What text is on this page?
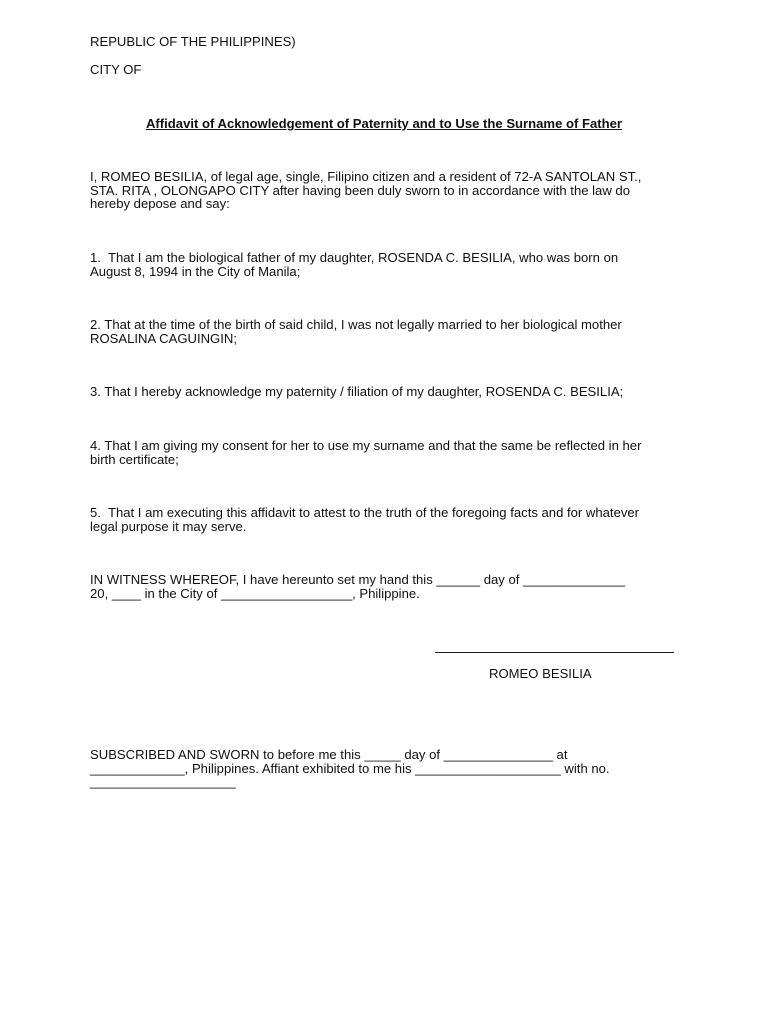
REPUBLIC OF THE PHILIPPINES)
CITY OF
Affidavit of Acknowledgement of Paternity and to Use the Surname of Father
I, ROMEO BESILIA, of legal age, single, Filipino citizen and a resident of 72-A SANTOLAN ST.,
STA. RITA , OLONGAPO CITY after having been duly sworn to in accordance with the law do
hereby depose and say:
1.  That I am the biological father of my daughter, ROSENDA C. BESILIA, who was born on
August 8, 1994 in the City of Manila;
2. That at the time of the birth of said child, I was not legally married to her biological mother
ROSALINA CAGUINGIN;
3. That I hereby acknowledge my paternity / filiation of my daughter, ROSENDA C. BESILIA;
4. That I am giving my consent for her to use my surname and that the same be reflected in her
birth certificate;
5.  That I am executing this affidavit to attest to the truth of the foregoing facts and for whatever
legal purpose it may serve.
IN WITNESS WHEREOF, I have hereunto set my hand this ______ day of ______________
20, ____ in the City of __________________, Philippine.
ROMEO BESILIA
SUBSCRIBED AND SWORN to before me this _____ day of _______________ at
_____________, Philippines. Affiant exhibited to me his ____________________ with no.
____________________
